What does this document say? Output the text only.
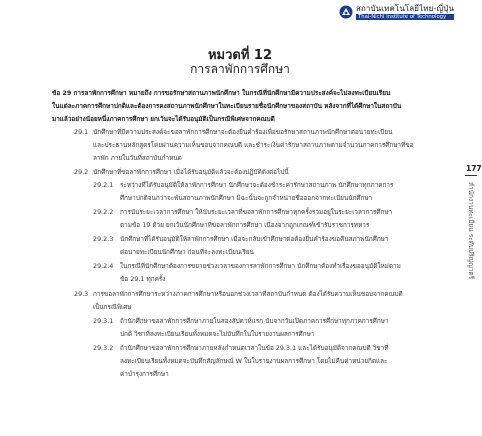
สถาบันเทคโนโลยีไทย-ญี่ปุ่น
Thai-Nichi Institute of Technology
หมวดที่ 12
การลาพักการศึกษา
ข้อ 29 การลาพักการศึกษา หมายถึง การขอรักษาสถานภาพนักศึกษา ในกรณีที่นักศึกษามีความประสงค์จะไม่ลงทะเบียนเรียน
ในแต่ละภาคการศึกษาปกติและต้องการคงสถานภาพนักศึกษาในทะเบียนรายชื่อนักศึกษาของสถาบัน หลังจากที่ได้ศึกษาในสถาบัน
มาแล้วอย่างน้อยหนึ่งภาคการศึกษา ยกเว้นจะได้รับอนุมัติเป็นกรณีพิเศษจากคณบดี
29.1 นักศึกษาที่มีความประสงค์จะขอลาพักการศึกษาจะต้องยื่นคำร้องเพื่อขอรักษาสถานภาพนักศึกษาต่อนายทะเบียน
และประธานหลักสูตรโดยผ่านความเห็นชอบจากคณบดี และชำระเงินค่ารักษาสถานภาพตามจำนวนภาคการศึกษาที่ขอ
ลาพัก ภายในวันที่สถาบันกำหนด
29.2 นักศึกษาที่ขอลาพักการศึกษา เมื่อได้รับอนุมัติแล้วจะต้องปฏิบัติดังต่อไปนี้
29.2.1 ระหว่างที่ได้รับอนุมัติให้ลาพักการศึกษา นักศึกษาจะต้องชำระค่ารักษาสถานภาพ นักศึกษาทุกภาคการ
ศึกษาปกติจนกว่าจะพ้นสถานภาพนักศึกษา มิฉะนั้นจะถูกจำหน่ายชื่อออกจากทะเบียนนักศึกษา
29.2.2 การนับระยะเวลาการศึกษา ให้นับระยะเวลาที่ขอลาพักการศึกษาทุกครั้งรวมอยู่ในระยะเวลาการศึกษา
ตามข้อ 19 ด้วย ยกเว้นนักศึกษาที่ขอลาพักการศึกษา เนื่องจากถูกเกณฑ์เข้ารับราชการทหาร
29.2.3 นักศึกษาที่ได้รับอนุมัติให้ลาพักการศึกษา เมื่อจะกลับเข้าศึกษาต่อต้องยื่นคำร้องขอคืนสภาพนักศึกษา
ต่อนายทะเบียนนักศึกษา ก่อนที่จะลงทะเบียนเรียน
29.2.4 ในกรณีที่นักศึกษาต้องการขยายช่วงเวลาของการลาพักการศึกษา นักศึกษาต้องทำเรื่องขออนุมัติใหม่ตาม
ข้อ 29.1 ทุกครั้ง
29.3 การขอลาพักการศึกษาระหว่างภาคการศึกษาหรือนอกช่วงเวลาที่สถาบันกำหนด ต้องได้รับความเห็นชอบจากคณบดี
เป็นกรณีพิเศษ
29.3.1 ถ้านักศึกษาขอลาพักการศึกษาภายในสองสัปดาห์แรก นับจากวันเปิดภาคการศึกษาทุกภาคการศึกษา
ปกติ วิชาที่ลงทะเบียนเรียนทั้งหมดจะไม่บันทึกในใบรายงานผลการศึกษา
29.3.2 ถ้านักศึกษาขอลาพักการศึกษาภายหลังกำหนดเวลาในข้อ 29.3.1 และได้รับอนุมัติจากคณบดี วิชาที่
ลงทะเบียนเรียนทั้งหมดจะบันทึกสัญลักษณ์ W ในใบรายงานผลการศึกษา โดยไม่คืนค่าหน่วยกิตและ
ค่าบำรุงการศึกษา
177
สำนักงานทะเบียน ระดับปริญญาตรี
